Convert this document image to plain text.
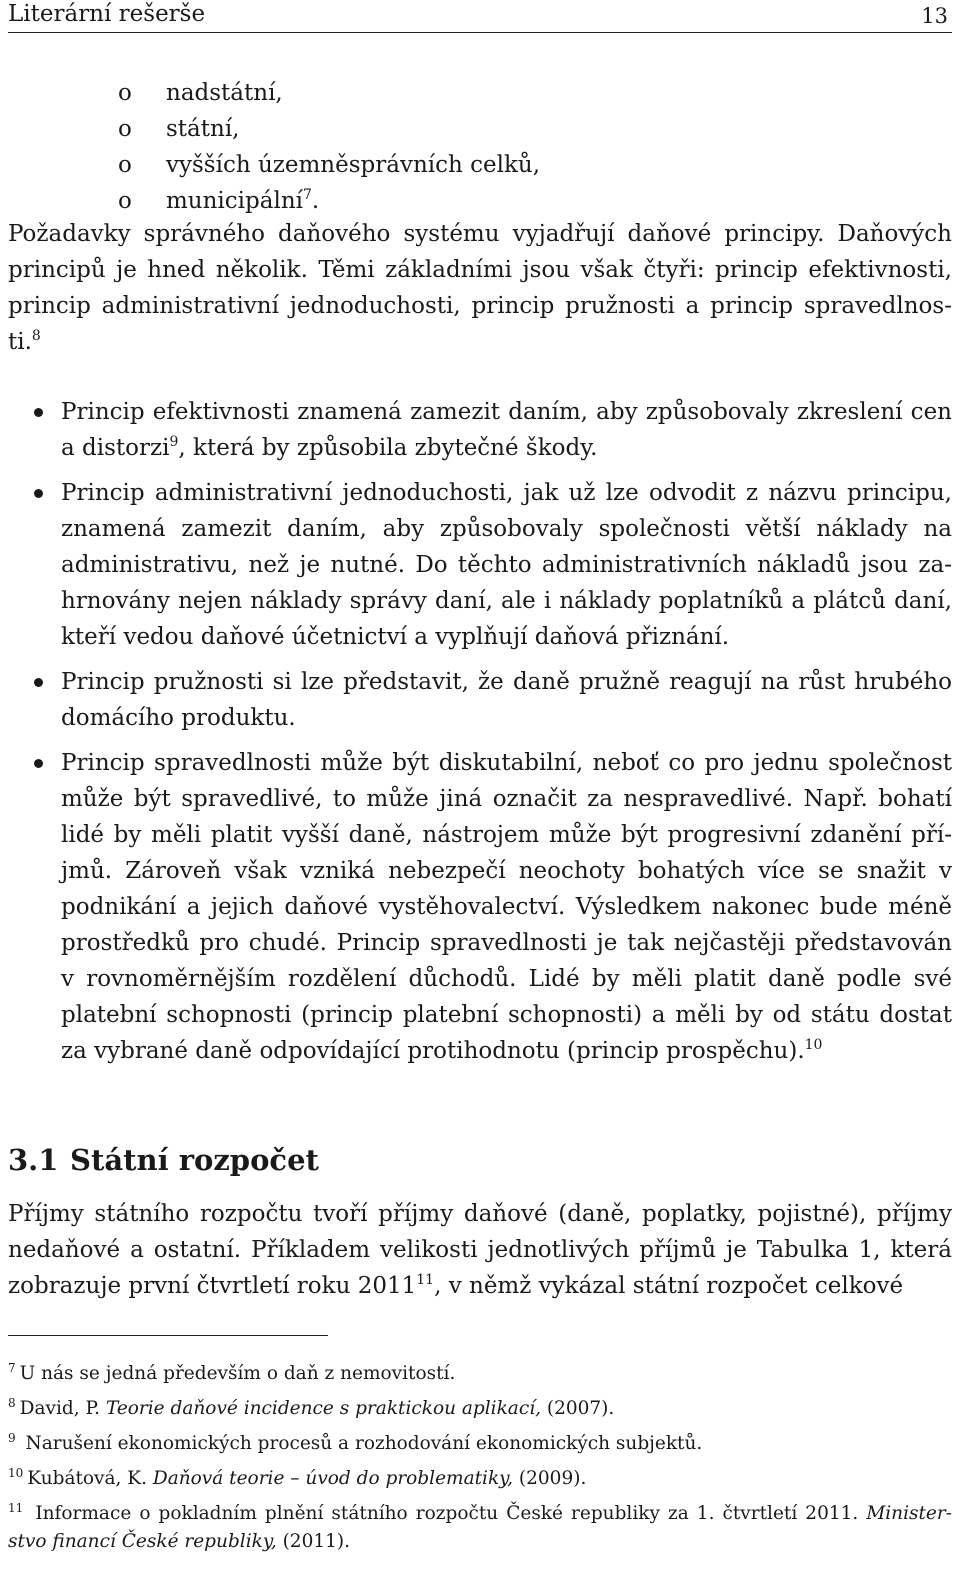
Literární rešerše	13
o nadstátní,
o státní,
o vyšších územněsprávních celků,
o municipální$^7$.

Požadavky správného daňového systému vyjadřují daňové principy. Daňových principů je hned několik. Těmi základními jsou však čtyři: princip efektivnosti, princip administrativní jednoduchosti, princip pružnosti a princip spravedlnosti.$^8$

Princip efektivnosti znamená zamezit daním, aby způsobovaly zkreslení cen a distorzi$^9$, která by způsobila zbytečné škody.
Princip administrativní jednoduchosti, jak už lze odvodit z názvu principu, znamená zamezit daním, aby způsobovaly společnosti větší náklady na administrativu, než je nutné. Do těchto administrativních nákladů jsou zahrnovány nejen náklady správy daní, ale i náklady poplatníků a plátců daní, kteří vedou daňové účetnictví a vyplňují daňová přiznání.
Princip pružnosti si lze představit, že daně pružně reagují na růst hrubého domácího produktu.
Princip spravedlnosti může být diskutabilní, neboť co pro jednu společnost může být spravedlivé, to může jiná označit za nespravedlivé. Např. bohatí lidé by měli platit vyšší daně, nástrojem může být progresivní zdanění příjmů. Zároveň však vzniká nebezpečí neochoty bohatých více se snažit v podnikání a jejich daňové vystěhovalectví. Výsledkem nakonec bude méně prostředků pro chudé. Princip spravedlnosti je tak nejčastěji představován v rovnoměrnějším rozdělení důchodů. Lidé by měli platit daně podle své platební schopnosti (princip platební schopnosti) a měli by od státu dostat za vybrané daně odpovídající protihodnotu (princip prospěchu).$^{10}$
3.1 Státní rozpočet

Příjmy státního rozpočtu tvoří příjmy daňové (daně, poplatky, pojistné), příjmy nedaňové a ostatní. Příkladem velikosti jednotlivých příjmů je Tabulka 1, která zobrazuje první čtvrtletí roku 2011$^{11}$, v němž vykázal státní rozpočet celkové

$^7$ U nás se jedná především o daň z nemovitostí.
$^8$ David, P. Teorie daňové incidence s praktickou aplikací, (2007).
$^9$ Narušení ekonomických procesů a rozhodování ekonomických subjektů.
$^{10}$ Kubátová, K. Daňová teorie – úvod do problematiky, (2009).
$^{11}$ Informace o pokladním plnění státního rozpočtu České republiky za 1. čtvrtletí 2011. Ministerstvo financí České republiky, (2011).
